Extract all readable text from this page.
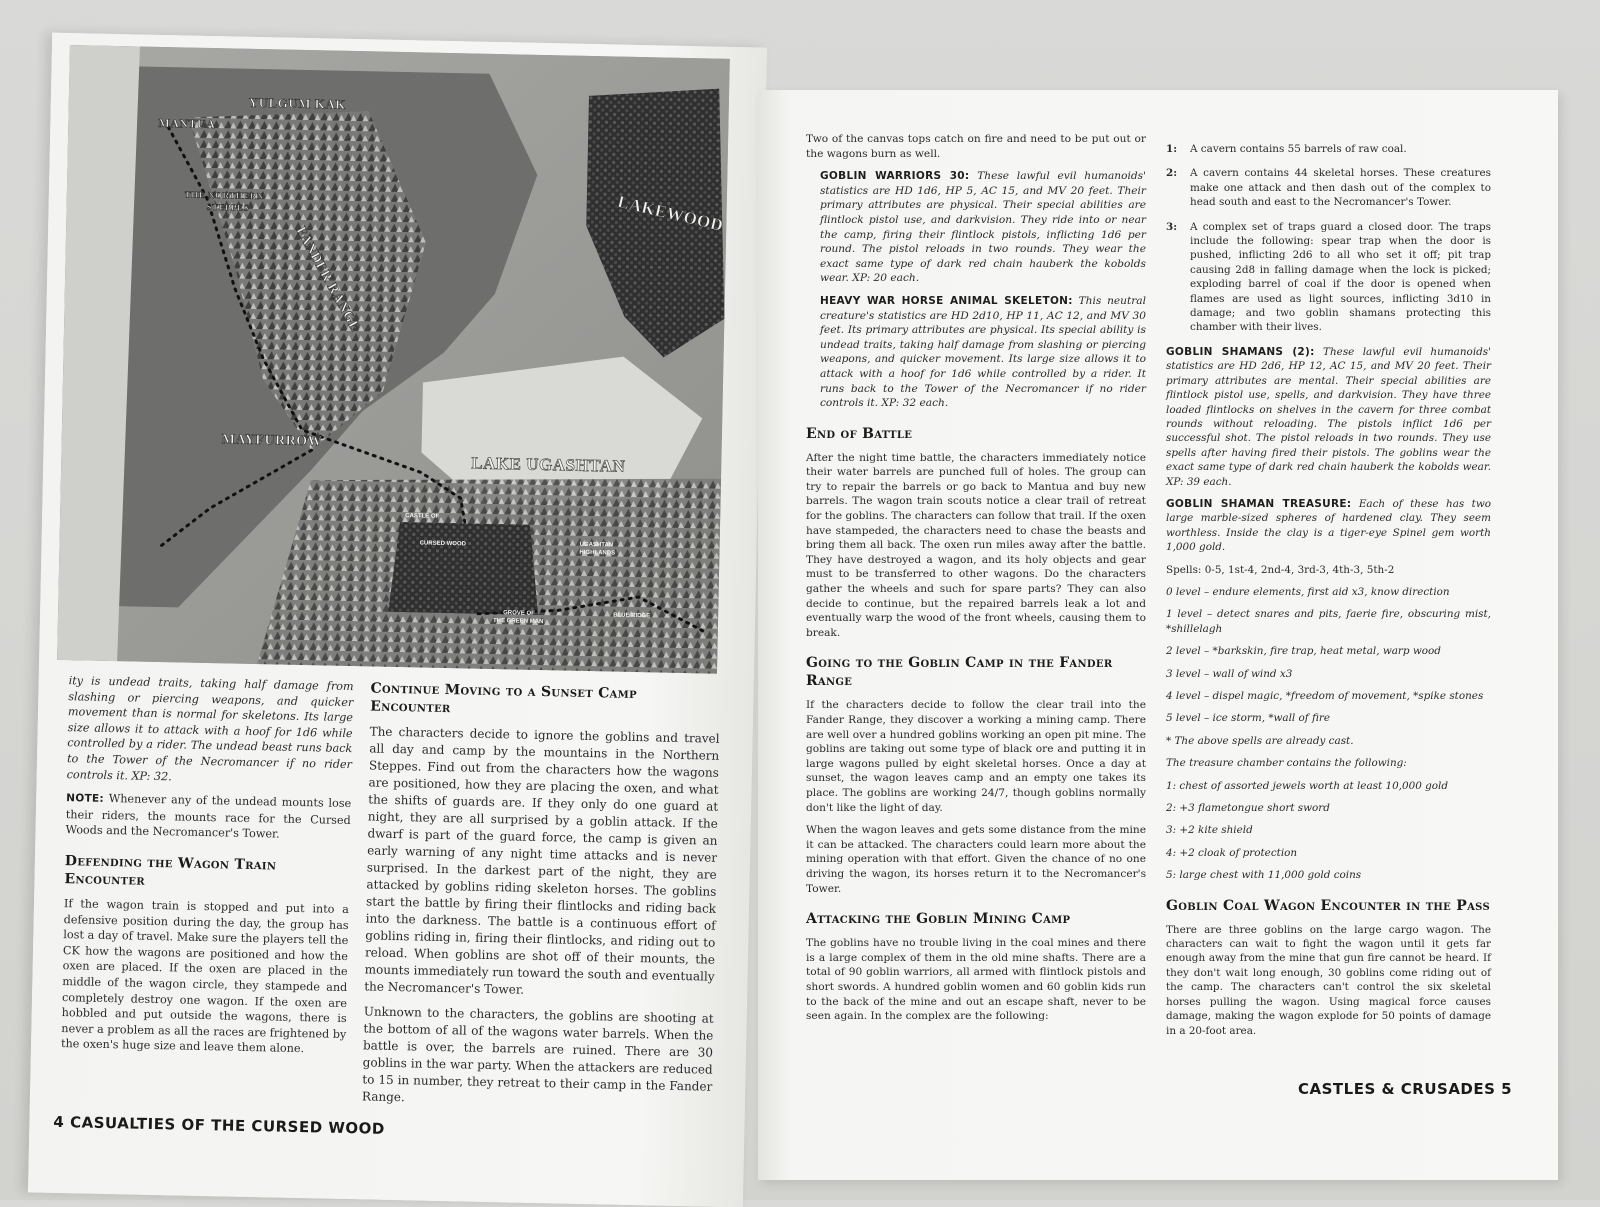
YULGUM KAK
MANTUA
THE NORTHERN
STEPPES	LAKEWOOD
FANDER RANGE
MAYFURROW
LAKE UGASHTAN
CASTLE OF
CURSED WOOD	UGASHTAN
HIGHLANDS
GROVE OF
THE GREEN MAN
BLUE RIDGE

ity is undead traits, taking half damage from slashing or piercing weapons, and quicker movement than is normal for skeletons. Its large size allows it to attack with a hoof for 1d6 while controlled by a rider. The undead beast runs back to the Tower of the Necromancer if no rider controls it. XP: 32.

NOTE: Whenever any of the undead mounts lose their riders, the mounts race for the Cursed Woods and the Necromancer's Tower.

Defending the Wagon Train Encounter

If the wagon train is stopped and put into a defensive position during the day, the group has lost a day of travel. Make sure the players tell the CK how the wagons are positioned and how the oxen are placed. If the oxen are placed in the middle of the wagon circle, they stampede and completely destroy one wagon. If the oxen are hobbled and put outside the wagons, there is never a problem as all the races are frightened by the oxen's huge size and leave them alone.

Continue Moving to a Sunset Camp Encounter

The characters decide to ignore the goblins and travel all day and camp by the mountains in the Northern Steppes. Find out from the characters how the wagons are positioned, how they are placing the oxen, and what the shifts of guards are. If they only do one guard at night, they are all surprised by a goblin attack. If the dwarf is part of the guard force, the camp is given an early warning of any night time attacks and is never surprised. In the darkest part of the night, they are attacked by goblins riding skeleton horses. The goblins start the battle by firing their flintlocks and riding back into the darkness. The battle is a continuous effort of goblins riding in, firing their flintlocks, and riding out to reload. When goblins are shot off of their mounts, the mounts immediately run toward the south and eventually the Necromancer's Tower.

Unknown to the characters, the goblins are shooting at the bottom of all of the wagons water barrels. When the battle is over, the barrels are ruined. There are 30 goblins in the war party. When the attackers are reduced to 15 in number, they retreat to their camp in the Fander Range.

4 CASUALTIES OF THE CURSED WOOD

Two of the canvas tops catch on fire and need to be put out or the wagons burn as well.

GOBLIN WARRIORS 30: These lawful evil humanoids' statistics are HD 1d6, HP 5, AC 15, and MV 20 feet. Their primary attributes are physical. Their special abilities are flintlock pistol use, and darkvision. They ride into or near the camp, firing their flintlock pistols, inflicting 1d6 per round. The pistol reloads in two rounds. They wear the exact same type of dark red chain hauberk the kobolds wear. XP: 20 each.

HEAVY WAR HORSE ANIMAL SKELETON: This neutral creature's statistics are HD 2d10, HP 11, AC 12, and MV 30 feet. Its primary attributes are physical. Its special ability is undead traits, taking half damage from slashing or piercing weapons, and quicker movement. Its large size allows it to attack with a hoof for 1d6 while controlled by a rider. It runs back to the Tower of the Necromancer if no rider controls it. XP: 32 each.

End of Battle

After the night time battle, the characters immediately notice their water barrels are punched full of holes. The group can try to repair the barrels or go back to Mantua and buy new barrels. The wagon train scouts notice a clear trail of retreat for the goblins. The characters can follow that trail. If the oxen have stampeded, the characters need to chase the beasts and bring them all back. The oxen run miles away after the battle. They have destroyed a wagon, and its holy objects and gear must to be transferred to other wagons. Do the characters gather the wheels and such for spare parts? They can also decide to continue, but the repaired barrels leak a lot and eventually warp the wood of the front wheels, causing them to break.

Going to the Goblin Camp in the Fander Range

If the characters decide to follow the clear trail into the Fander Range, they discover a working a mining camp. There are well over a hundred goblins working an open pit mine. The goblins are taking out some type of black ore and putting it in large wagons pulled by eight skeletal horses. Once a day at sunset, the wagon leaves camp and an empty one takes its place. The goblins are working 24/7, though goblins normally don't like the light of day.

When the wagon leaves and gets some distance from the mine it can be attacked. The characters could learn more about the mining operation with that effort. Given the chance of no one driving the wagon, its horses return it to the Necromancer's Tower.

Attacking the Goblin Mining Camp

The goblins have no trouble living in the coal mines and there is a large complex of them in the old mine shafts. There are a total of 90 goblin warriors, all armed with flintlock pistols and short swords. A hundred goblin women and 60 goblin kids run to the back of the mine and out an escape shaft, never to be seen again. In the complex are the following:

1: A cavern contains 55 barrels of raw coal.
2: A cavern contains 44 skeletal horses. These creatures make one attack and then dash out of the complex to head south and east to the Necromancer's Tower.
3: A complex set of traps guard a closed door. The traps include the following: spear trap when the door is pushed, inflicting 2d6 to all who set it off; pit trap causing 2d8 in falling damage when the lock is picked; exploding barrel of coal if the door is opened when flames are used as light sources, inflicting 3d10 in damage; and two goblin shamans protecting this chamber with their lives.

GOBLIN SHAMANS (2): These lawful evil humanoids' statistics are HD 2d6, HP 12, AC 15, and MV 20 feet. Their primary attributes are mental. Their special abilities are flintlock pistol use, spells, and darkvision. They have three loaded flintlocks on shelves in the cavern for three combat rounds without reloading. The pistols inflict 1d6 per successful shot. The pistol reloads in two rounds. They use spells after having fired their pistols. The goblins wear the exact same type of dark red chain hauberk the kobolds wear. XP: 39 each.

GOBLIN SHAMAN TREASURE: Each of these has two large marble-sized spheres of hardened clay. They seem worthless. Inside the clay is a tiger-eye Spinel gem worth 1,000 gold.

Spells: 0-5, 1st-4, 2nd-4, 3rd-3, 4th-3, 5th-2

0 level – endure elements, first aid x3, know direction

1 level – detect snares and pits, faerie fire, obscuring mist, *shillelagh

2 level – *barkskin, fire trap, heat metal, warp wood

3 level – wall of wind x3

4 level – dispel magic, *freedom of movement, *spike stones

5 level – ice storm, *wall of fire

* The above spells are already cast.

The treasure chamber contains the following:

1: chest of assorted jewels worth at least 10,000 gold

2: +3 flametongue short sword

3: +2 kite shield

4: +2 cloak of protection

5: large chest with 11,000 gold coins

Goblin Coal Wagon Encounter in the Pass

There are three goblins on the large cargo wagon. The characters can wait to fight the wagon until it gets far enough away from the mine that gun fire cannot be heard. If they don't wait long enough, 30 goblins come riding out of the camp. The characters can't control the six skeletal horses pulling the wagon. Using magical force causes damage, making the wagon explode for 50 points of damage in a 20-foot area.

CASTLES & CRUSADES 5
